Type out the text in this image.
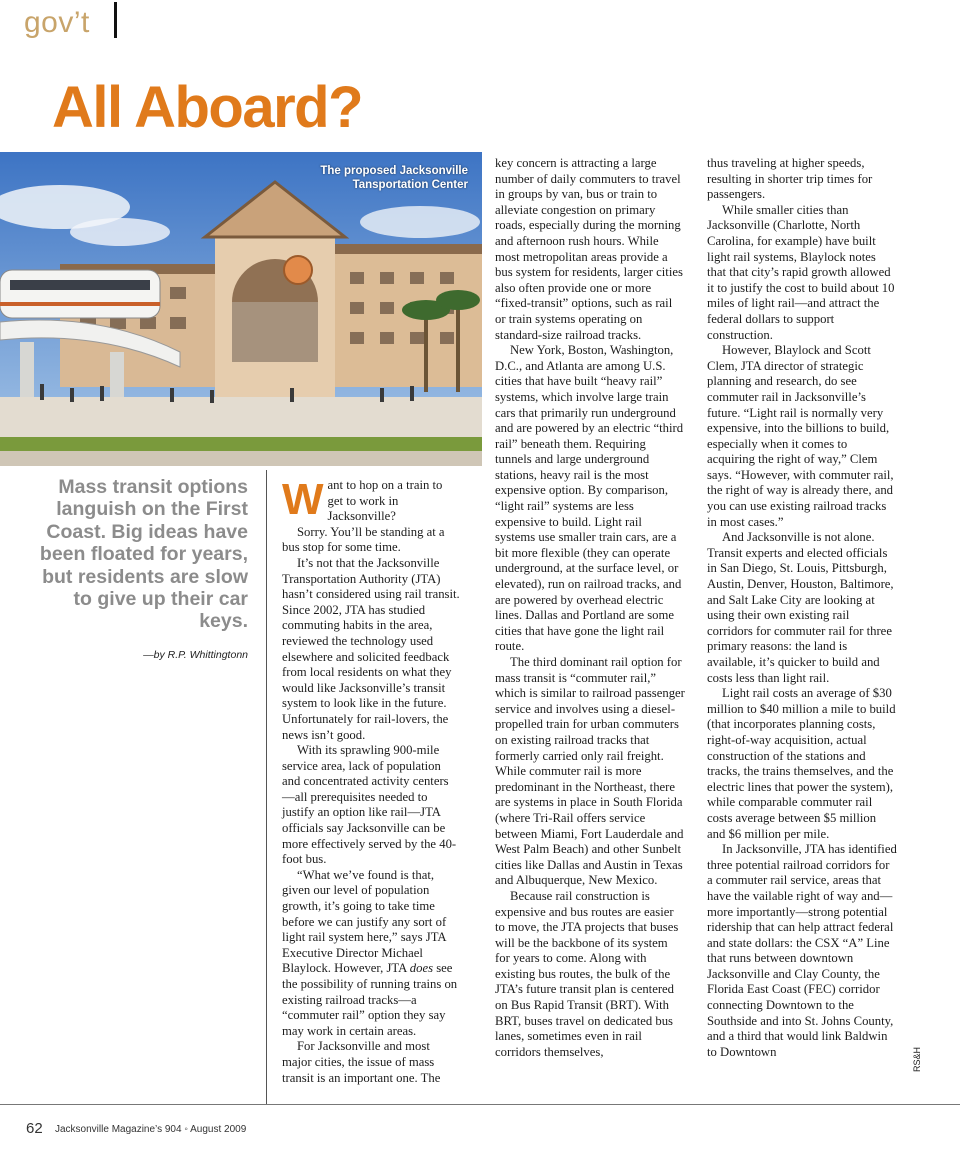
gov’t
All Aboard?
The proposed Jacksonville
Tansportation Center
Mass transit options languish on the First Coast. Big ideas have been floated for years, but residents are slow to give up their car keys.
—by R.P. Whittingtonn

Want to hop on a train to get to work in Jacksonville?

Sorry. You’ll be standing at a bus stop for some time.

It’s not that the Jacksonville Transportation Authority (JTA) hasn’t considered using rail transit. Since 2002, JTA has studied commuting habits in the area, reviewed the technology used elsewhere and solicited feedback from local residents on what they would like Jacksonville’s transit system to look like in the future. Unfortunately for rail-lovers, the news isn’t good.

With its sprawling 900-mile service area, lack of population and concentrated activity centers—all prerequisites needed to justify an option like rail—JTA officials say Jacksonville can be more effectively served by the 40-foot bus.

“What we’ve found is that, given our level of population growth, it’s going to take time before we can justify any sort of light rail system here,” says JTA Executive Director Michael Blaylock. However, JTA does see the possibility of running trains on existing railroad tracks—a “commuter rail” option they say may work in certain areas.

For Jacksonville and most major cities, the issue of mass transit is an important one. The

key concern is attracting a large number of daily commuters to travel in groups by van, bus or train to alleviate congestion on primary roads, especially during the morning and afternoon rush hours. While most metropolitan areas provide a bus system for residents, larger cities also often provide one or more “fixed-transit” options, such as rail or train systems operating on standard-size railroad tracks.

New York, Boston, Washington, D.C., and Atlanta are among U.S. cities that have built “heavy rail” systems, which involve large train cars that primarily run underground and are powered by an electric “third rail” beneath them. Requiring tunnels and large underground stations, heavy rail is the most expensive option. By comparison, “light rail” systems are less expensive to build. Light rail systems use smaller train cars, are a bit more flexible (they can operate underground, at the surface level, or elevated), run on railroad tracks, and are powered by overhead electric lines. Dallas and Portland are some cities that have gone the light rail route.

The third dominant rail option for mass transit is “commuter rail,” which is similar to railroad passenger service and involves using a diesel-propelled train for urban commuters on existing railroad tracks that formerly carried only rail freight. While commuter rail is more predominant in the Northeast, there are systems in place in South Florida (where Tri-Rail offers service between Miami, Fort Lauderdale and West Palm Beach) and other Sunbelt cities like Dallas and Austin in Texas and Albuquerque, New Mexico.

Because rail construction is expensive and bus routes are easier to move, the JTA projects that buses will be the backbone of its system for years to come. Along with existing bus routes, the bulk of the JTA’s future transit plan is centered on Bus Rapid Transit (BRT). With BRT, buses travel on dedicated bus lanes, sometimes even in rail corridors themselves,

thus traveling at higher speeds, resulting in shorter trip times for passengers.

While smaller cities than Jacksonville (Charlotte, North Carolina, for example) have built light rail systems, Blaylock notes that that city’s rapid growth allowed it to justify the cost to build about 10 miles of light rail—and attract the federal dollars to support construction.

However, Blaylock and Scott Clem, JTA director of strategic planning and research, do see commuter rail in Jacksonville’s future. “Light rail is normally very expensive, into the billions to build, especially when it comes to acquiring the right of way,” Clem says. “However, with commuter rail, the right of way is already there, and you can use existing railroad tracks in most cases.”

And Jacksonville is not alone. Transit experts and elected officials in San Diego, St. Louis, Pittsburgh, Austin, Denver, Houston, Baltimore, and Salt Lake City are looking at using their own existing rail corridors for commuter rail for three primary reasons: the land is available, it’s quicker to build and costs less than light rail.

Light rail costs an average of $30 million to $40 million a mile to build (that incorporates planning costs, right-of-way acquisition, actual construction of the stations and tracks, the trains themselves, and the electric lines that power the system), while comparable commuter rail costs average between $5 million and $6 million per mile.

In Jacksonville, JTA has identified three potential railroad corridors for a commuter rail service, areas that have the vailable right of way and—more importantly—strong potential ridership that can help attract federal and state dollars: the CSX “A” Line that runs between downtown Jacksonville and Clay County, the Florida East Coast (FEC) corridor connecting Downtown to the Southside and into St. Johns County, and a third that would link Baldwin to Downtown	RS&H
62 Jacksonville Magazine’s 904 ◦ August 2009
